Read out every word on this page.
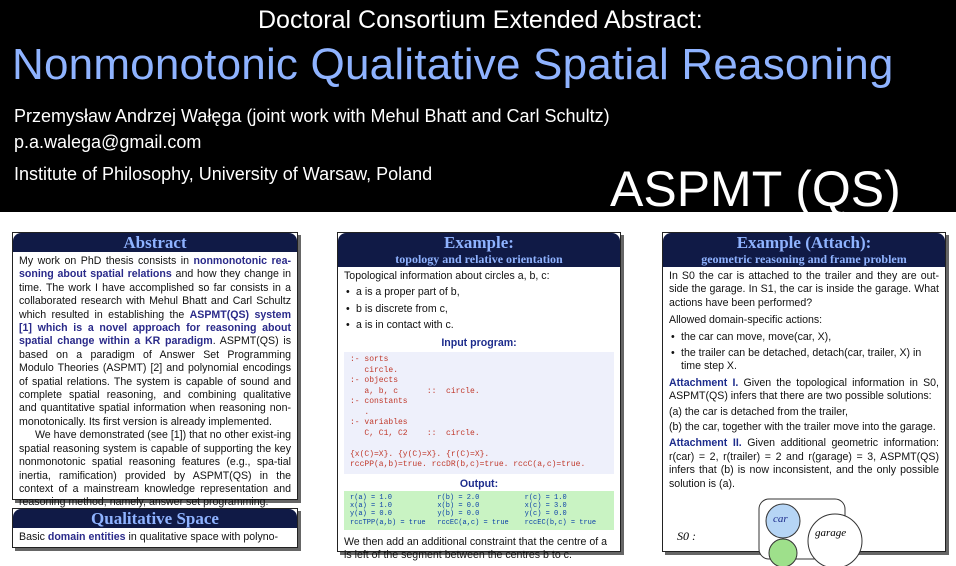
Doctoral Consortium Extended Abstract:
Nonmonotonic Qualitative Spatial Reasoning
Przemysław Andrzej Wałęga (joint work with Mehul Bhatt and Carl Schultz)
p.a.walega@gmail.com
Institute of Philosophy, University of Warsaw, Poland	ASPMT (QS)
Abstract

My work on PhD thesis consists in nonmonotonic rea-soning about spatial relations and how they change in time. The work I have accomplished so far consists in a collaborated research with Mehul Bhatt and Carl Schultz which resulted in establishing the ASPMT(QS) system [1] which is a novel approach for reasoning about spatial change within a KR paradigm. ASPMT(QS) is based on a paradigm of Answer Set Programming Modulo Theories (ASPMT) [2] and polynomial encodings of spatial relations. The system is capable of sound and complete spatial reasoning, and combining qualitative and quantitative spatial information when reasoning non-monotonically. Its first version is already implemented.

We have demonstrated (see [1]) that no other exist-ing spatial reasoning system is capable of supporting the key nonmonotonic spatial reasoning features (e.g., spa-tial inertia, ramification) provided by ASPMT(QS) in the context of a mainstream knowledge representation and reasoning method, namely, answer set programming.

Qualitative Space

Basic domain entities in qualitative space with polyno-

Example:
topology and relative orientation

Topological information about circles a, b, c:

• a is a proper part of b,
• b is discrete from c,
• a is in contact with c.
Input program:
:- sorts
circle.
:- objects
a, b, c      ::  circle.
:- constants
.
:- variables
C, C1, C2    ::  circle.

{x(C)=X}. {y(C)=X}. {r(C)=X}.
rccPP(a,b)=true. rccDR(b,c)=true. rccC(a,c)=true.
Output:
r(a) = 1.0	r(b) = 2.0	r(c) = 1.0
x(a) = 1.0	x(b) = 0.0	x(c) = 3.0
y(a) = 0.0	y(b) = 0.0	y(c) = 0.0
rccTPP(a,b) = true	rccEC(a,c) = true	rccEC(b,c) = true

We then add an additional constraint that the centre of a
is left of the segment between the centres b to c.

Example (Attach):
geometric reasoning and frame problem

In S0 the car is attached to the trailer and they are out-side the garage. In S1, the car is inside the garage. What actions have been performed?

Allowed domain-specific actions:

• the car can move, move(car, X),
• the trailer can be detached, detach(car, trailer, X) in time step X.

Attachment I. Given the topological information in S0, ASPMT(QS) infers that there are two possible solutions:

(a) the car is detached from the trailer,

(b) the car, together with the trailer move into the garage.

Attachment II. Given additional geometric information: r(car) = 2, r(trailer) = 2 and r(garage) = 3, ASPMT(QS) infers that (b) is now inconsistent, and the only possible solution is (a).

S0 :
car
garage
